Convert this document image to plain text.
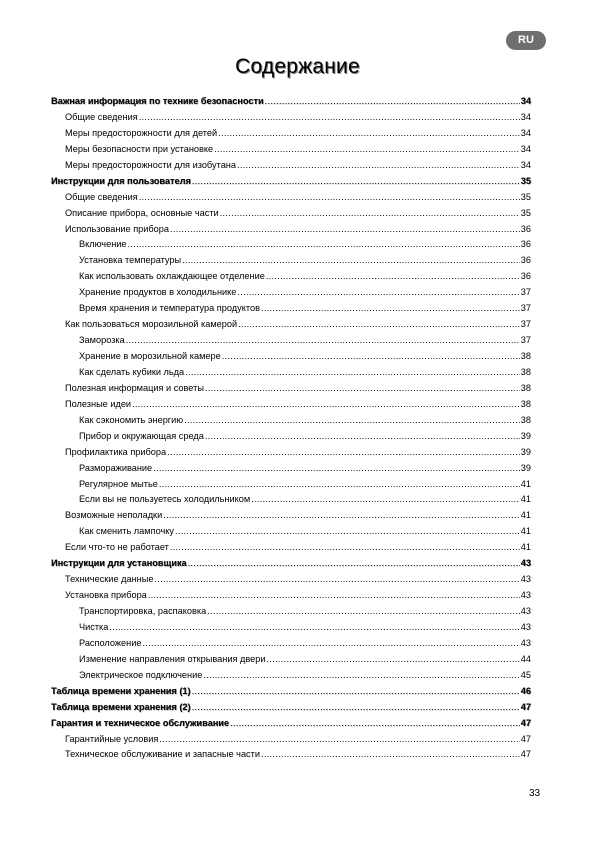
RU
Содержание
Важная информация по технике безопасности .....	34
Общие сведения .....	34
Меры предосторожности для детей .....	34
Меры безопасности при установке .....	34
Меры предосторожности для изобутана .....	34
Инструкции для пользователя .....	35
Общие сведения .....	35
Описание прибора, основные части .....	35
Использование прибора .....	36
Включение .....	36
Установка температуры .....	36
Как использовать охлаждающее отделение .....	36
Хранение продуктов в холодильнике .....	37
Время хранения и температура продуктов .....	37
Как пользоваться морозильной камерой .....	37
Заморозка .....	37
Хранение в морозильной камере .....	38
Как сделать кубики льда .....	38
Полезная информация и советы .....	38
Полезные идеи .....	38
Как сэкономить энергию .....	38
Прибор и окружающая среда .....	39
Профилактика прибора .....	39
Размораживание .....	39
Регулярное мытье .....	41
Если вы не пользуетесь холодильником .....	41
Возможные неполадки .....	41
Как сменить лампочку .....	41
Если что-то не работает .....	41
Инструкции для установщика .....	43
Технические данные .....	43
Установка прибора .....	43
Транспортировка, распаковка .....	43
Чистка .....	43
Расположение .....	43
Изменение направления открывания двери .....	44
Электрическое подключение .....	45
Таблица времени хранения (1) .....	46
Таблица времени хранения (2) .....	47
Гарантия и техническое обслуживание .....	47
Гарантийные условия .....	47
Техническое обслуживание и запасные части .....	47
33
